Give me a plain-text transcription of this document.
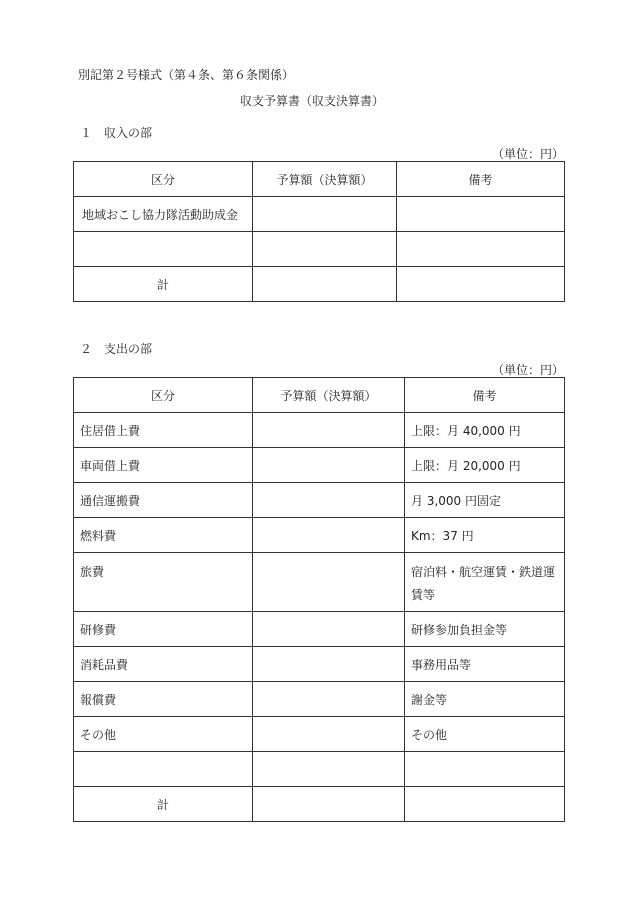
別記第２号様式（第４条、第６条関係）
収支予算書（収支決算書）
１　収入の部
（単位：円）
区分	予算額（決算額）	備考
地域おこし協力隊活動助成金		

計		
２　支出の部
（単位：円）
区分	予算額（決算額）	備考
住居借上費		上限：月 40,000 円
車両借上費		上限：月 20,000 円
通信運搬費		月 3,000 円固定
燃料費		Km：37 円
旅費		宿泊料・航空運賃・鉄道運賃等
研修費		研修参加負担金等
消耗品費		事務用品等
報償費		謝金等
その他		その他

計		
